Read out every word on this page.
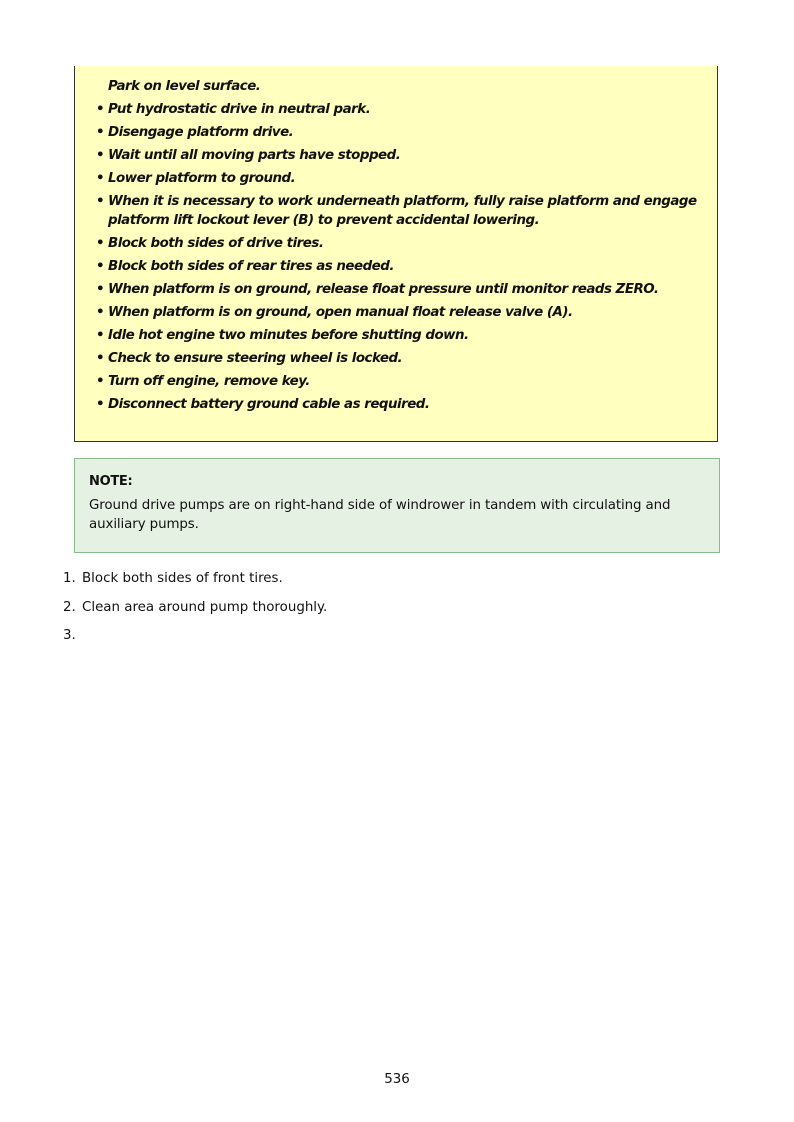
Park on level surface.
• Put hydrostatic drive in neutral park.
• Disengage platform drive.
• Wait until all moving parts have stopped.
• Lower platform to ground.
• When it is necessary to work underneath platform, fully raise platform and engage platform lift lockout lever (B) to prevent accidental lowering.
• Block both sides of drive tires.
• Block both sides of rear tires as needed.
• When platform is on ground, release float pressure until monitor reads ZERO.
• When platform is on ground, open manual float release valve (A).
• Idle hot engine two minutes before shutting down.
• Check to ensure steering wheel is locked.
• Turn off engine, remove key.
• Disconnect battery ground cable as required.

NOTE:

Ground drive pumps are on right-hand side of windrower in tandem with circulating and auxiliary pumps.

1. Block both sides of front tires.
2. Clean area around pump thoroughly.
3.
536
